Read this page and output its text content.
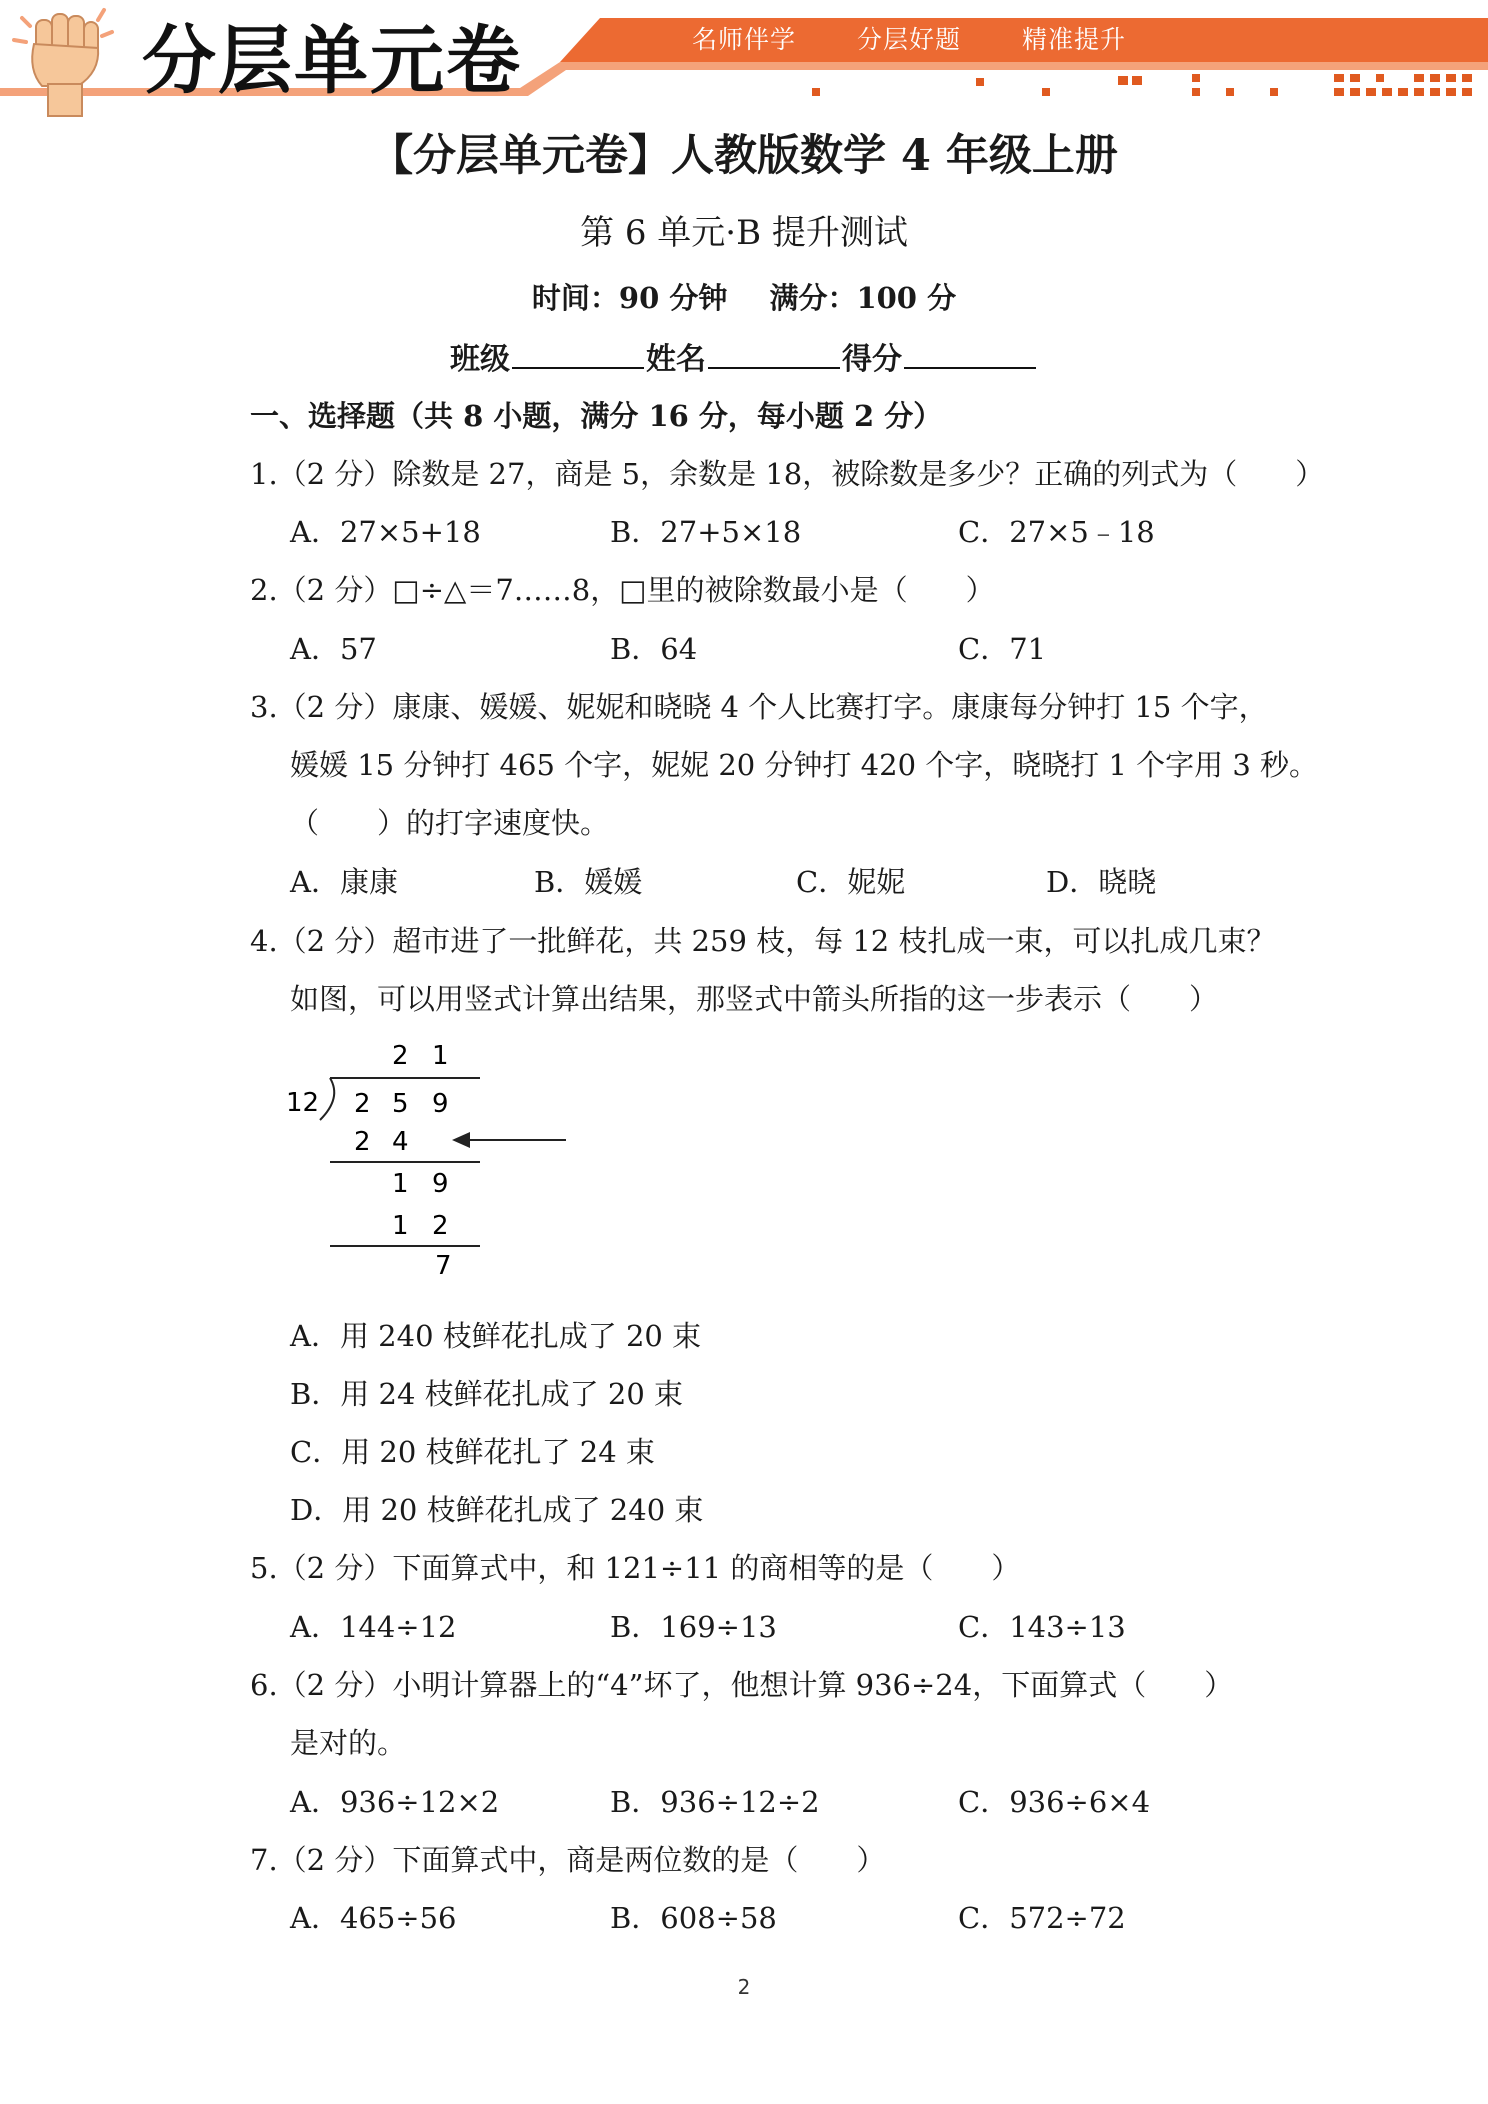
分层单元卷	名师伴学 分层好题 精准提升
【分层单元卷】人教版数学 4 年级上册
第 6 单元·B 提升测试
时间：90 分钟 满分：100 分
班级	姓名	得分
一、选择题（共 8 小题，满分 16 分，每小题 2 分）
1.（2 分）除数是 27，商是 5，余数是 18，被除数是多少？正确的列式为（　　）
A．27×5+18	B．27+5×18	C．27×5﹣18
2.（2 分）□÷△＝7……8，□里的被除数最小是（　　）
A．57	B．64	C．71
3.（2 分）康康、媛媛、妮妮和晓晓 4 个人比赛打字。康康每分钟打 15 个字，
媛媛 15 分钟打 465 个字，妮妮 20 分钟打 420 个字，晓晓打 1 个字用 3 秒。
（　　）的打字速度快。
A．康康	B．媛媛	C．妮妮	D．晓晓
4.（2 分）超市进了一批鲜花，共 259 枝，每 12 枝扎成一束，可以扎成几束？
如图，可以用竖式计算出结果，那竖式中箭头所指的这一步表示（　　）
2 1
12 2 5 9
2 4
1 9
1 2
7
A．用 240 枝鲜花扎成了 20 束
B．用 24 枝鲜花扎成了 20 束
C．用 20 枝鲜花扎了 24 束
D．用 20 枝鲜花扎成了 240 束
5.（2 分）下面算式中，和 121÷11 的商相等的是（　　）
A．144÷12	B．169÷13	C．143÷13
6.（2 分）小明计算器上的“4”坏了，他想计算 936÷24，下面算式（　　）
是对的。
A．936÷12×2	B．936÷12÷2	C．936÷6×4
7.（2 分）下面算式中，商是两位数的是（　　）
A．465÷56	B．608÷58	C．572÷72
2
